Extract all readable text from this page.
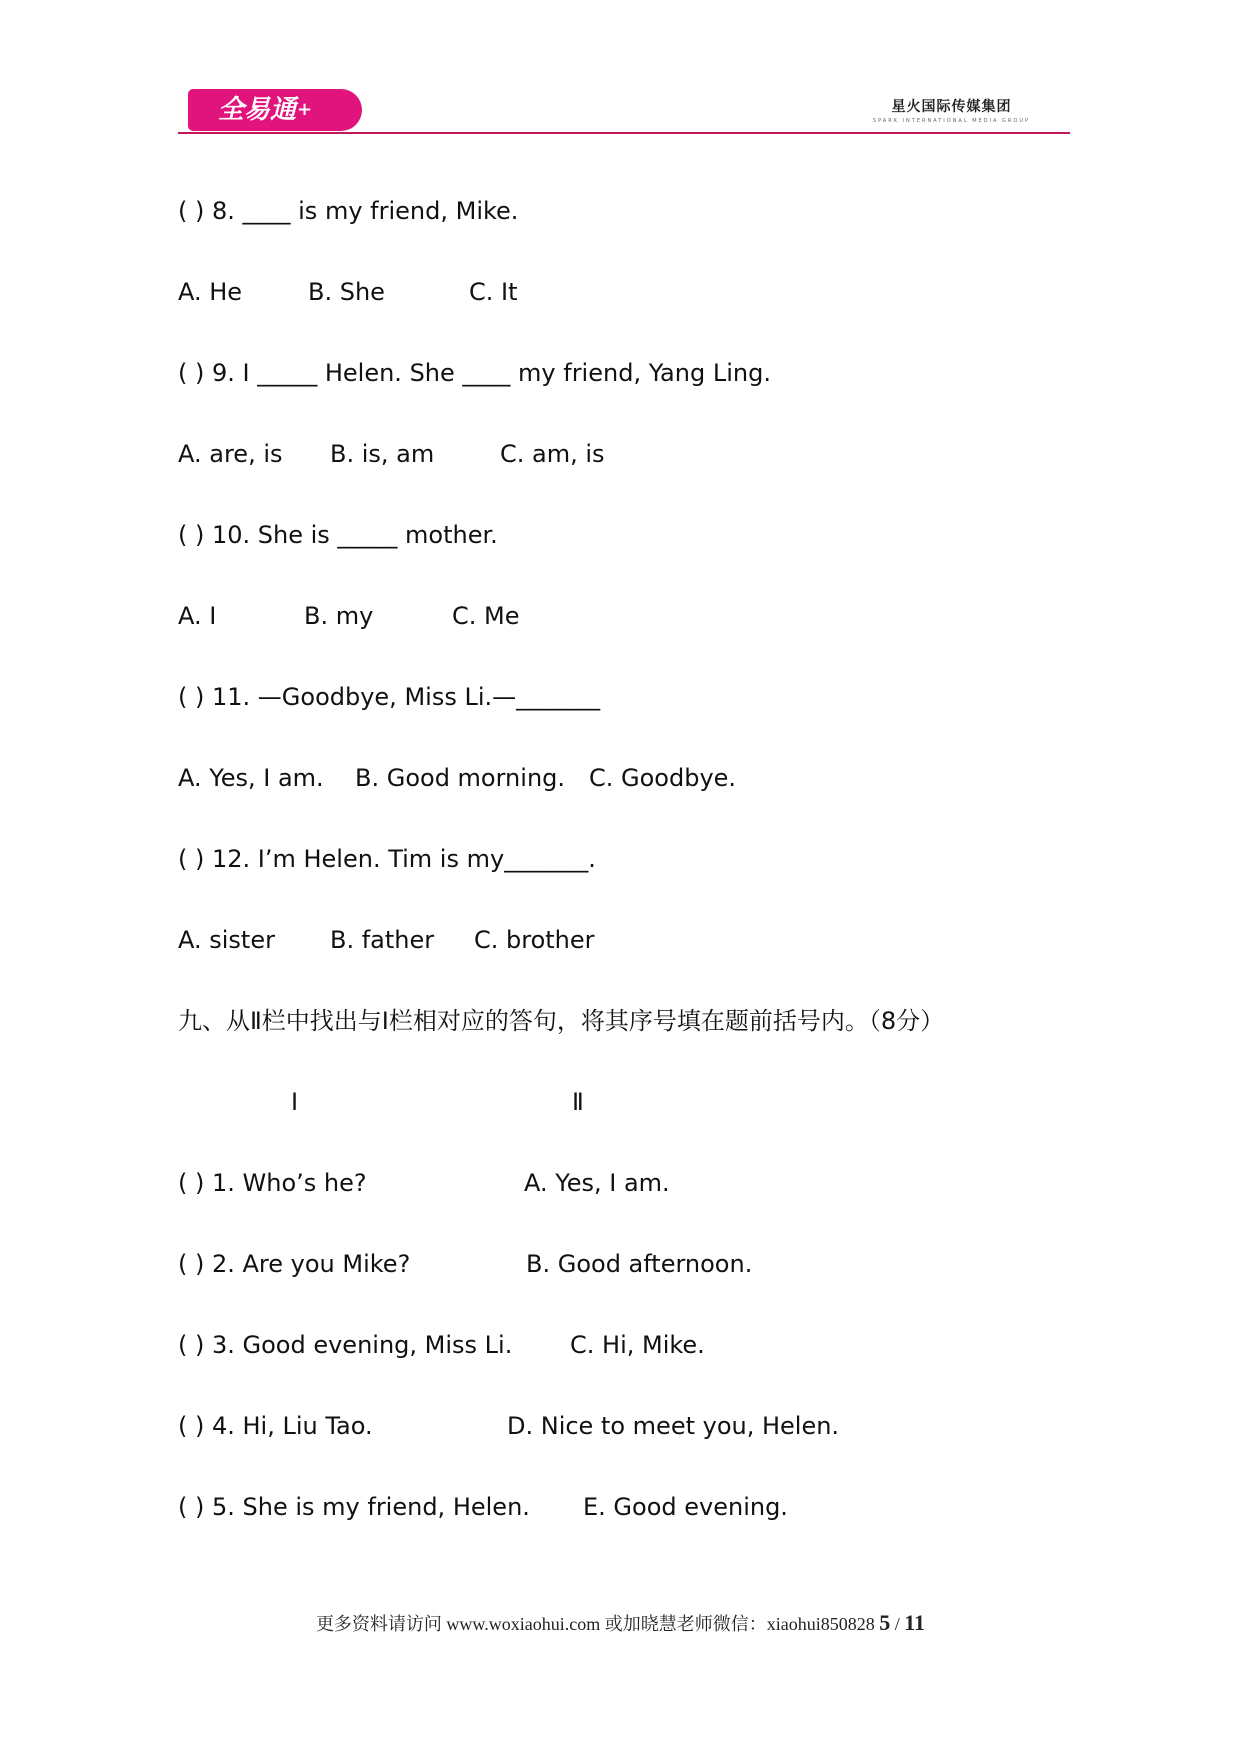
全易通+	星火国际传媒集团
SPARK INTERNATIONAL MEDIA GROUP
( ) 8. ____ is my friend, Mike.
A. He	B. She	C. It
( ) 9. I _____ Helen. She ____ my friend, Yang Ling.
A. are, is B. is, am	C. am, is
( ) 10. She is _____ mother.
A. I	B. my	C. Me
( ) 11. —Goodbye, Miss Li.—_______
A. Yes, I am. B. Good morning. C. Goodbye.
( ) 12. I’m Helen. Tim is my_______.
A. sister B. father C. brother
九、从Ⅱ栏中找出与Ⅰ栏相对应的答句，将其序号填在题前括号内。（8分）
Ⅰ	Ⅱ
( ) 1. Who’s he?	A. Yes, I am.
( ) 2. Are you Mike?	B. Good afternoon.
( ) 3. Good evening, Miss Li. C. Hi, Mike.
( ) 4. Hi, Liu Tao.	D. Nice to meet you, Helen.
( ) 5. She is my friend, Helen. E. Good evening.
更多资料请访问 www.woxiaohui.com 或加晓慧老师微信：xiaohui850828 5 / 11
